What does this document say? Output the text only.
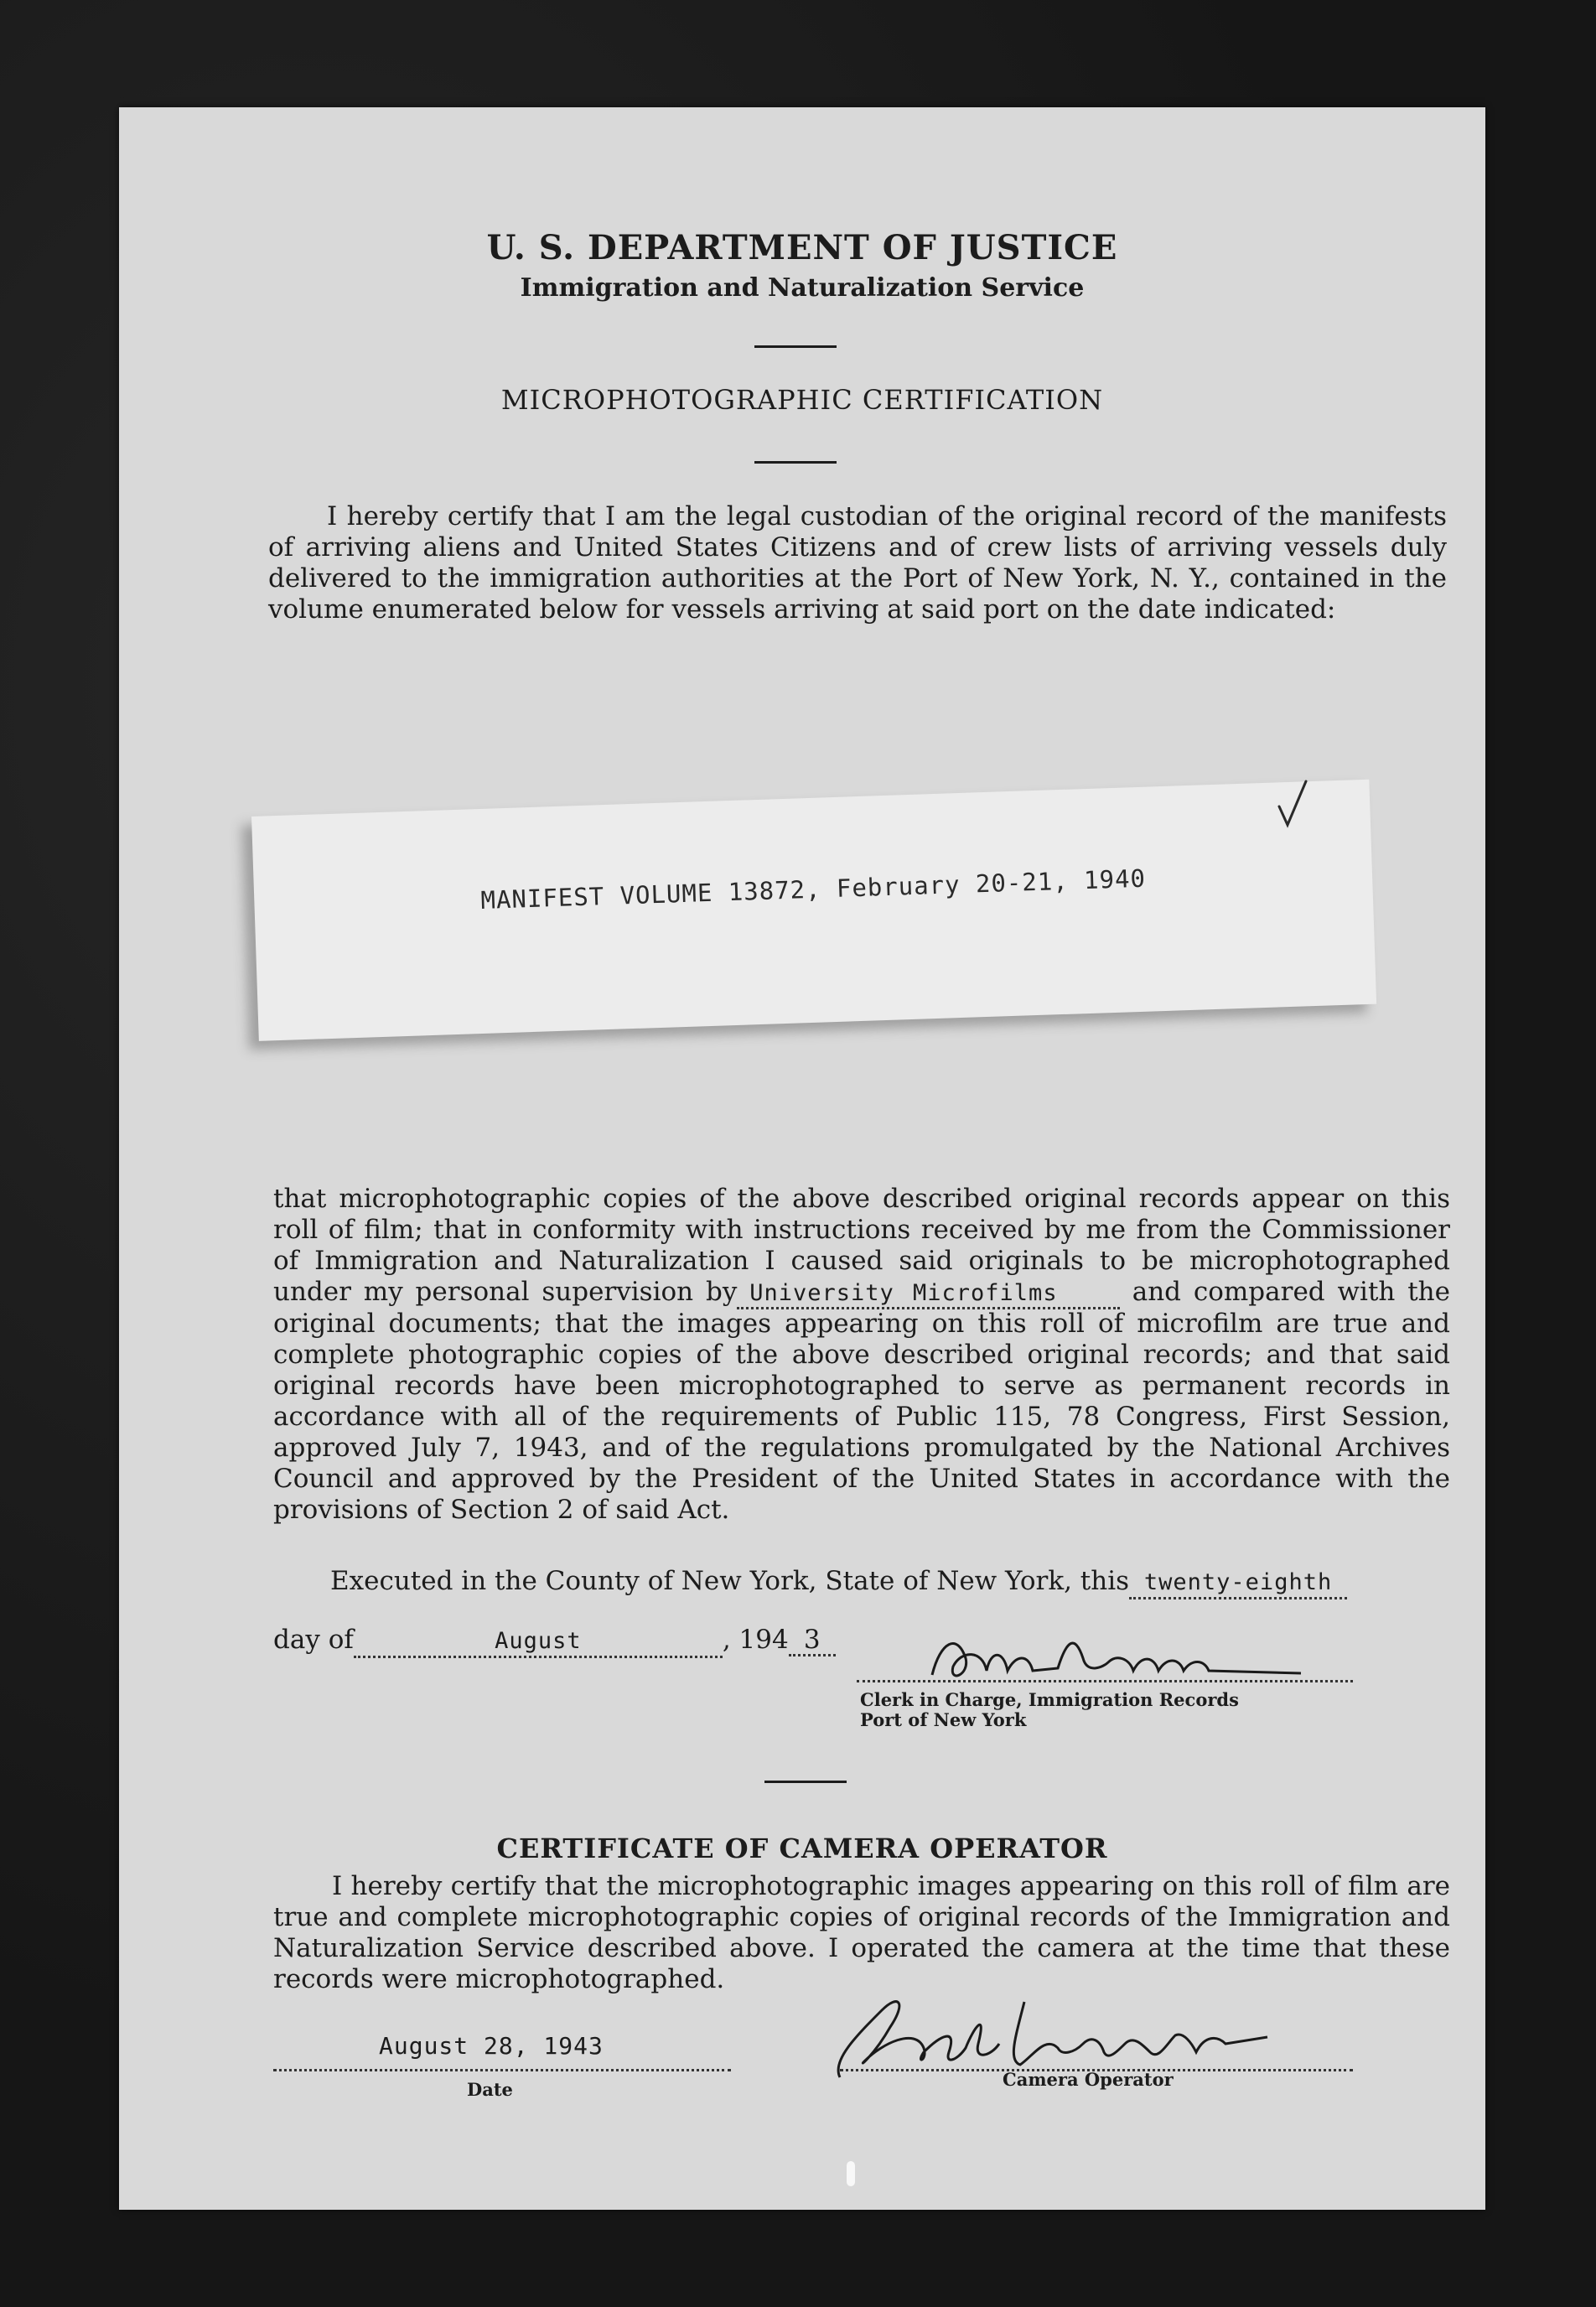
U. S. DEPARTMENT OF JUSTICE
Immigration and Naturalization Service
MICROPHOTOGRAPHIC CERTIFICATION
I hereby certify that I am the legal custodian of the original record of the manifests of arriving aliens and United States Citizens and of crew lists of arriving vessels duly delivered to the immigration authorities at the Port of New York, N. Y., contained in the volume enumerated below for vessels arriving at said port on the date indicated:
MANIFEST VOLUME 13872, February 20-21, 1940
that microphotographic copies of the above described original records appear on this roll of film; that in conformity with instructions received by me from the Commissioner of Immigration and Naturalization I caused said originals to be microphotographed under my personal supervision by University Microfilms	and compared with the original documents; that the images appearing on this roll of microfilm are true and complete photographic copies of the above described original records; and that said original records have been microphotographed to serve as permanent records in accordance with all of the requirements of Public 115, 78 Congress, First Session, approved July 7, 1943, and of the regulations promulgated by the National Archives Council and approved by the President of the United States in accordance with the provisions of Section 2 of said Act.
Executed in the County of New York, State of New York, this twenty-eighth
day of	August	, 194 3
Clerk in Charge, Immigration Records
Port of New York
CERTIFICATE OF CAMERA OPERATOR
I hereby certify that the microphotographic images appearing on this roll of film are true and complete microphotographic copies of original records of the Immigration and Naturalization Service described above. I operated the camera at the time that these records were microphotographed.
August 28, 1943
Date	Camera Operator
